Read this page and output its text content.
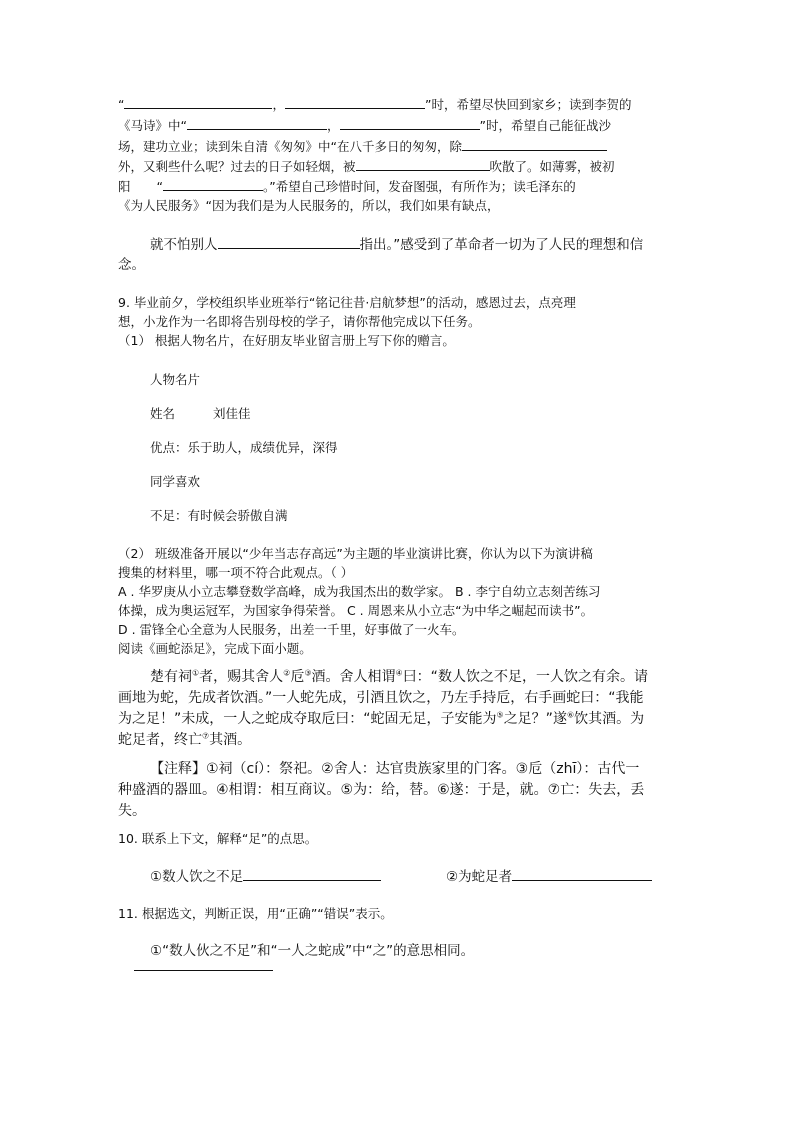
“	，	”时，希望尽快回到家乡；读到李贺的
《马诗》中“	，	”时，希望自己能征战沙
场，建功立业；读到朱自清《匆匆》中“在八千多日的匆匆，除
外，又剩些什么呢？过去的日子如轻烟，被	吹散了。如薄雾，被初
阳 “	。”希望自己珍惜时间，发奋图强，有所作为；读毛泽东的
《为人民服务》“因为我们是为人民服务的，所以，我们如果有缺点，
就不怕别人	指出。”感受到了革命者一切为了人民的理想和信
念。
9. 毕业前夕，学校组织毕业班举行“铭记往昔·启航梦想”的活动，感恩过去，点亮理
想，小龙作为一名即将告别母校的学子，请你帮他完成以下任务。
（1） 根据人物名片，在好朋友毕业留言册上写下你的赠言。
人物名片
姓名	刘佳佳
优点：乐于助人，成绩优异，深得
同学喜欢
不足：有时候会骄傲自满
（2） 班级准备开展以“少年当志存高远”为主题的毕业演讲比赛，你认为以下为演讲稿
搜集的材料里，哪一项不符合此观点。（ ）
A . 华罗庚从小立志攀登数学高峰，成为我国杰出的数学家。 B . 李宁自幼立志刻苦练习
体操，成为奥运冠军，为国家争得荣誉。 C . 周恩来从小立志“为中华之崛起而读书”。
D . 雷锋全心全意为人民服务，出差一千里，好事做了一火车。
阅读《画蛇添足》，完成下面小题。
楚有祠①者，赐其舍人②卮③酒。舍人相谓④曰：“数人饮之不足，一人饮之有余。请
画地为蛇，先成者饮酒。”一人蛇先成，引酒且饮之，乃左手持卮，右手画蛇曰：“我能
为之足！”未成，一人之蛇成夺取卮曰：“蛇固无足，子安能为⑤之足？”遂⑥饮其酒。为
蛇足者，终亡⑦其酒。
【注释】①祠（cí）：祭祀。②舍人：达官贵族家里的门客。③卮（zhī）：古代一
种盛酒的器皿。④相谓：相互商议。⑤为：给，替。⑥遂：于是，就。⑦亡：失去，丢
失。
10. 联系上下文，解释“足”的点思。
①数人饮之不足	②为蛇足者
11. 根据选文，判断正误，用“正确”“错误”表示。
①“数人伙之不足”和“一人之蛇成”中“之”的意思相同。
